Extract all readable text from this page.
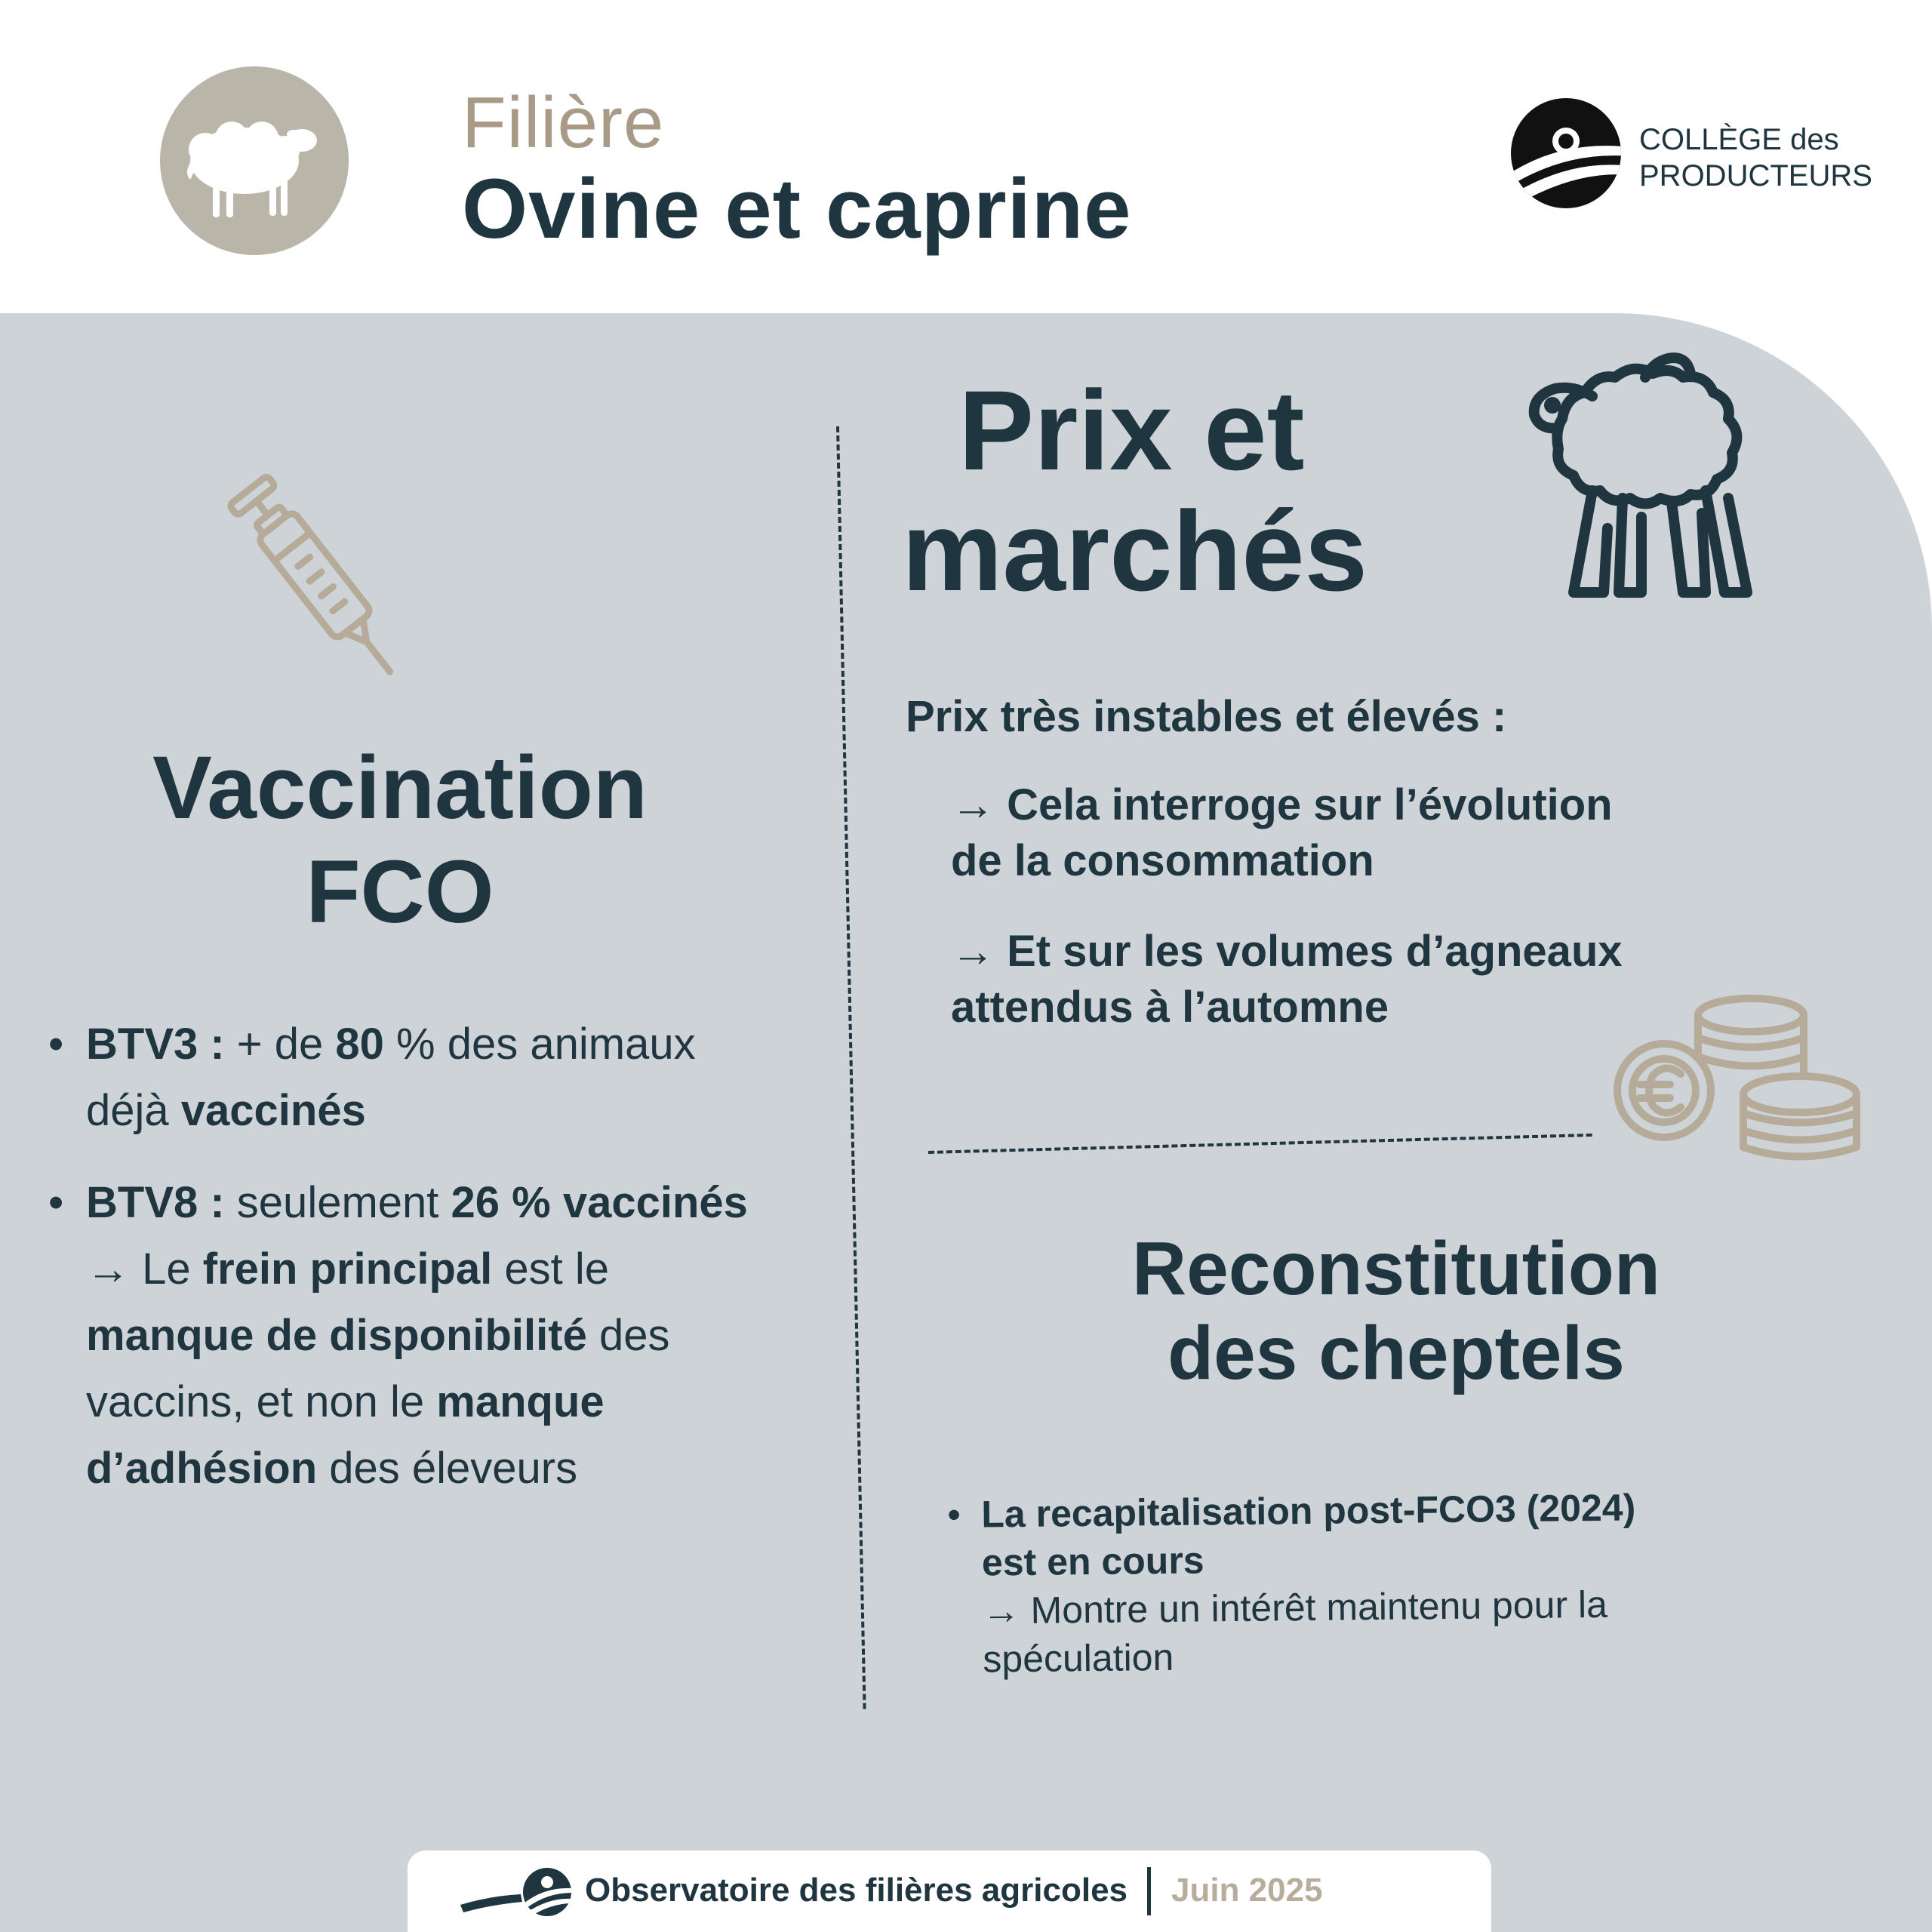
Filière
Ovine et caprine
COLLÈGE des
PRODUCTEURS
Vaccination
FCO
• BTV3 : + de 80 % des animaux
déjà vaccinés
• BTV8 : seulement 26 % vaccinés
→ Le frein principal est le
manque de disponibilité des
vaccins, et non le manque
d’adhésion des éleveurs
Prix et
marchés
Prix très instables et élevés :
→ Cela interroge sur l’évolution
de la consommation
→ Et sur les volumes d’agneaux
attendus à l’automne
Reconstitution
des cheptels
• La recapitalisation post-FCO3 (2024)
est en cours
→ Montre un intérêt maintenu pour la
spéculation
Observatoire des filières agricoles Juin 2025
